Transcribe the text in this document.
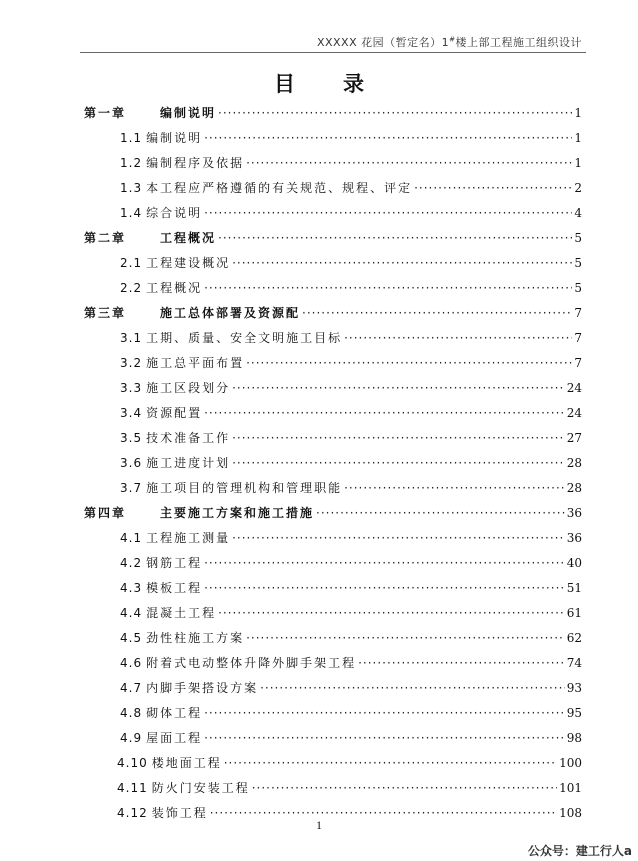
XXXXX 花园（暂定名）1#楼上部工程施工组织设计
目 录
第一章	编制说明 ·····	1
1.1 编制说明 ·····	1
1.2 编制程序及依据 ·····	1
1.3 本工程应严格遵循的有关规范、规程、评定 ·····	2
1.4 综合说明 ·····	4
第二章	工程概况 ·····	5
2.1 工程建设概况 ·····	5
2.2 工程概况 ·····	5
第三章	施工总体部署及资源配 ·····	7
3.1 工期、质量、安全文明施工目标 ·····	7
3.2 施工总平面布置 ·····	7
3.3 施工区段划分 ·····	24
3.4 资源配置 ·····	24
3.5 技术准备工作 ·····	27
3.6 施工进度计划 ·····	28
3.7 施工项目的管理机构和管理职能 ·····	28
第四章	主要施工方案和施工措施 ·····	36
4.1 工程施工测量 ·····	36
4.2 钢筋工程 ·····	40
4.3 模板工程 ·····	51
4.4 混凝土工程 ·····	61
4.5 劲性柱施工方案 ·····	62
4.6 附着式电动整体升降外脚手架工程 ·····	74
4.7 内脚手架搭设方案 ·····	93
4.8 砌体工程 ·····	95
4.9 屋面工程 ·····	98
4.10 楼地面工程 ·····	100
4.11 防火门安装工程 ·····	101
4.12 装饰工程 ·····	108
1
公众号：建工行人a
